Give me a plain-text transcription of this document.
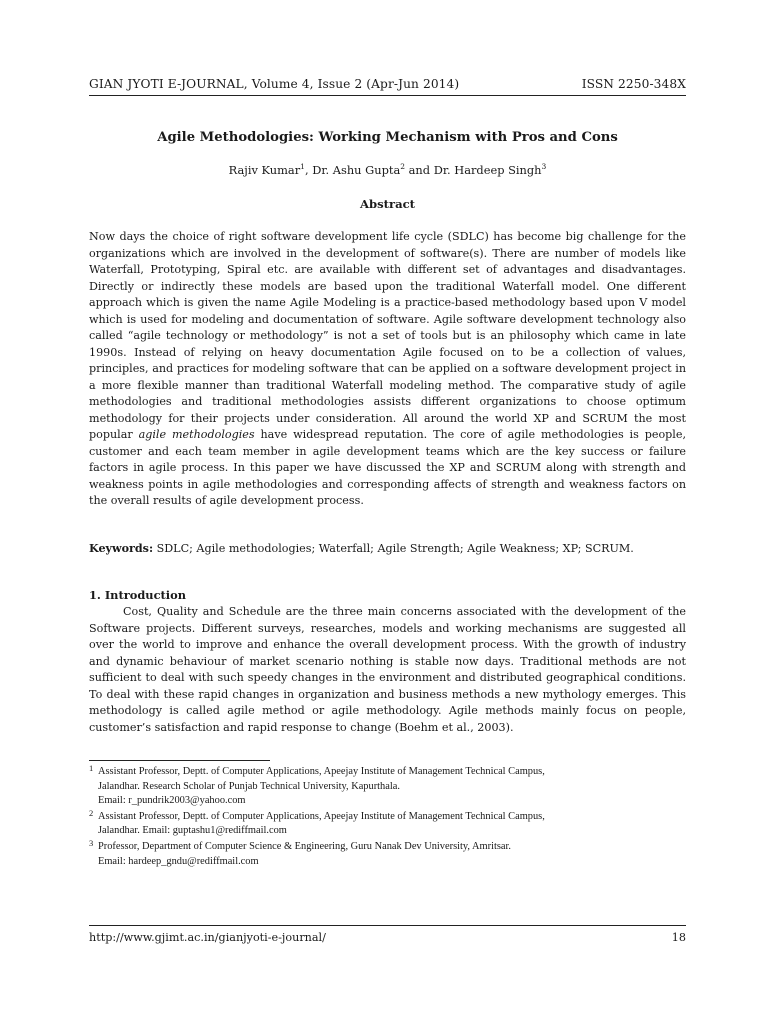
GIAN JYOTI E-JOURNAL, Volume 4, Issue 2 (Apr-Jun 2014)	ISSN 2250-348X
Agile Methodologies: Working Mechanism with Pros and Cons
Rajiv Kumar$^1$, Dr. Ashu Gupta$^2$ and Dr. Hardeep Singh$^3$
Abstract

Now days the choice of right software development life cycle (SDLC) has become big challenge for the organizations which are involved in the development of software(s). There are number of models like Waterfall, Prototyping, Spiral etc. are available with different set of advantages and disadvantages. Directly or indirectly these models are based upon the traditional Waterfall model. One different approach which is given the name Agile Modeling is a practice-based methodology based upon V model which is used for modeling and documentation of software. Agile software development technology also called “agile technology or methodology” is not a set of tools but is an philosophy which came in late 1990s. Instead of relying on heavy documentation Agile focused on to be a collection of values, principles, and practices for modeling software that can be applied on a software development project in a more flexible manner than traditional Waterfall modeling method. The comparative study of agile methodologies and traditional methodologies assists different organizations to choose optimum methodology for their projects under consideration. All around the world XP and SCRUM the most popular agile methodologies have widespread reputation. The core of agile methodologies is people, customer and each team member in agile development teams which are the key success or failure factors in agile process. In this paper we have discussed the XP and SCRUM along with strength and weakness points in agile methodologies and corresponding affects of strength and weakness factors on the overall results of agile development process.

Keywords: SDLC; Agile methodologies; Waterfall; Agile Strength; Agile Weakness; XP; SCRUM.

1. Introduction

Cost, Quality and Schedule are the three main concerns associated with the development of the Software projects. Different surveys, researches, models and working mechanisms are suggested all over the world to improve and enhance the overall development process. With the growth of industry and dynamic behaviour of market scenario nothing is stable now days. Traditional methods are not sufficient to deal with such speedy changes in the environment and distributed geographical conditions. To deal with these rapid changes in organization and business methods a new mythology emerges. This methodology is called agile method or agile methodology. Agile methods mainly focus on people, customer’s satisfaction and rapid response to change (Boehm et al., 2003).

1 Assistant Professor, Deptt. of Computer Applications, Apeejay Institute of Management Technical Campus,
Jalandhar. Research Scholar of Punjab Technical University, Kapurthala.
Email: r_pundrik2003@yahoo.com
2 Assistant Professor, Deptt. of Computer Applications, Apeejay Institute of Management Technical Campus,
Jalandhar. Email: guptashu1@rediffmail.com
3 Professor, Department of Computer Science & Engineering, Guru Nanak Dev University, Amritsar.
Email: hardeep_gndu@rediffmail.com
http://www.gjimt.ac.in/gianjyoti-e-journal/	18
